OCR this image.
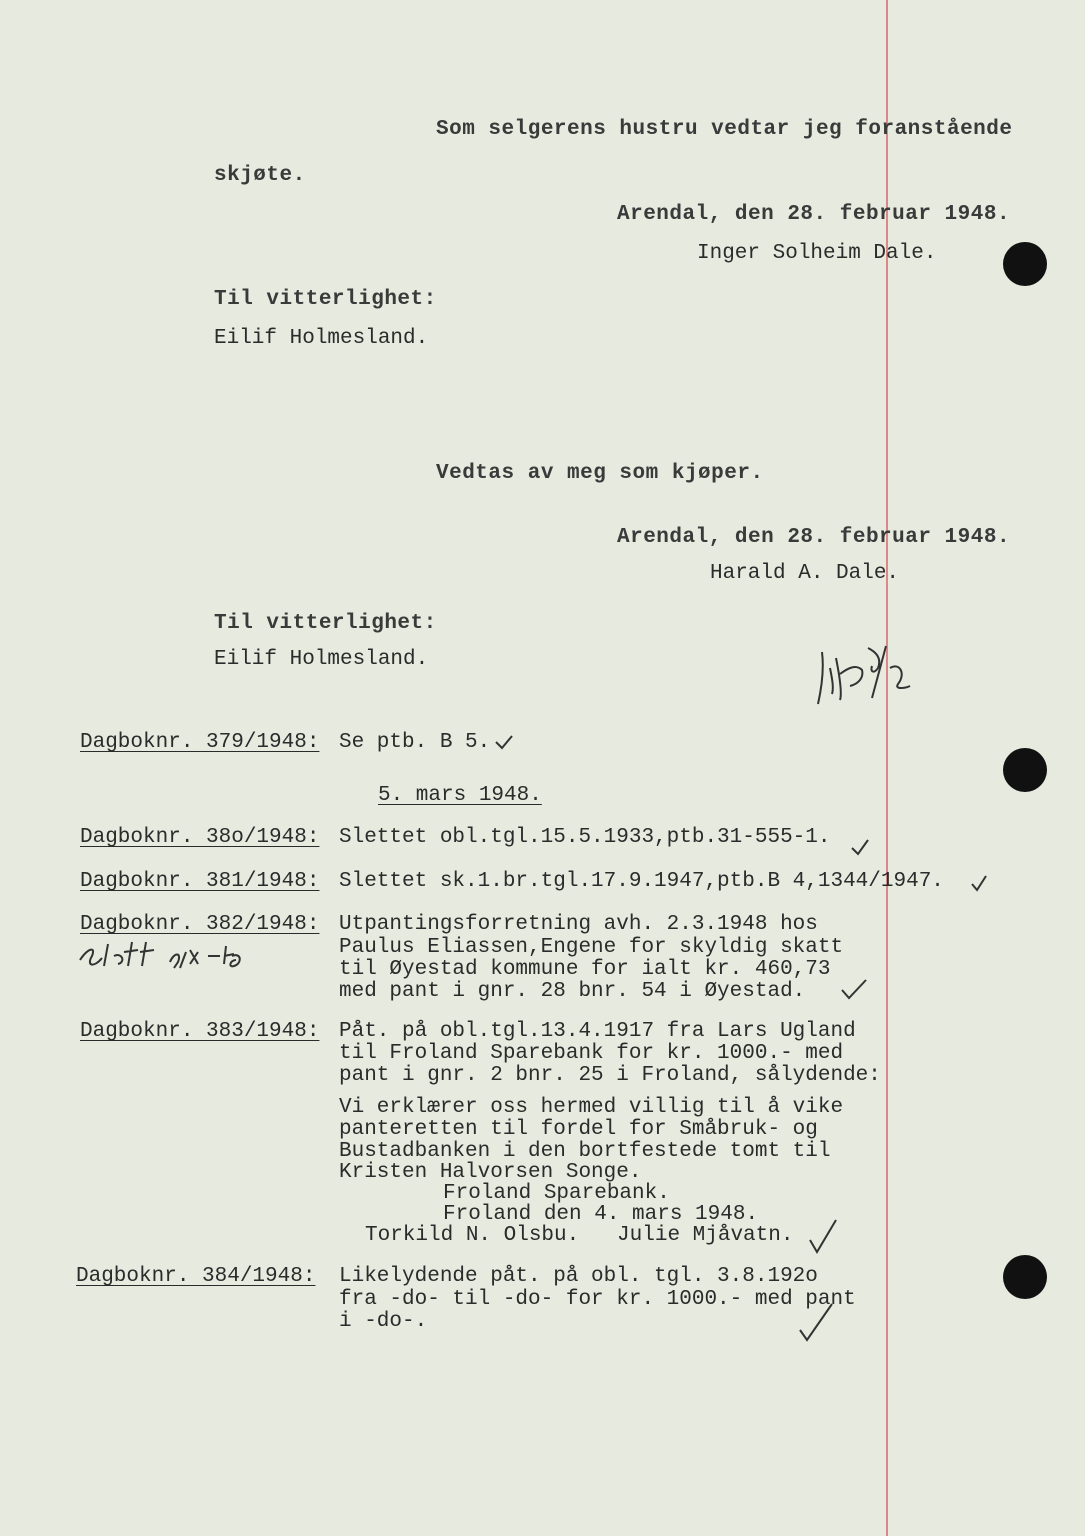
Som selgerens hustru vedtar jeg foranstående
skjøte.
Arendal, den 28. februar 1948.
Inger Solheim Dale.
Til vitterlighet:
Eilif Holmesland.
Vedtas av meg som kjøper.
Arendal, den 28. februar 1948.
Harald A. Dale.
Til vitterlighet:
Eilif Holmesland.
Dagboknr. 379/1948: Se ptb. B 5.
5. mars 1948.
Dagboknr. 38o/1948: Slettet obl.tgl.15.5.1933,ptb.31-555-1.
Dagboknr. 381/1948: Slettet sk.1.br.tgl.17.9.1947,ptb.B 4,1344/1947.
Dagboknr. 382/1948: Utpantingsforretning avh. 2.3.1948 hos
Paulus Eliassen,Engene for skyldig skatt
til Øyestad kommune for ialt kr. 460,73
med pant i gnr. 28 bnr. 54 i Øyestad.
Dagboknr. 383/1948: Påt. på obl.tgl.13.4.1917 fra Lars Ugland
til Froland Sparebank for kr. 1000.- med
pant i gnr. 2 bnr. 25 i Froland, sålydende:
Vi erklærer oss hermed villig til å vike
panteretten til fordel for Småbruk- og
Bustadbanken i den bortfestede tomt til
Kristen Halvorsen Songe.
Froland Sparebank.
Froland den 4. mars 1948.
Torkild N. Olsbu.   Julie Mjåvatn.
Dagboknr. 384/1948: Likelydende påt. på obl. tgl. 3.8.192o
fra -do- til -do- for kr. 1000.- med pant
i -do-.
